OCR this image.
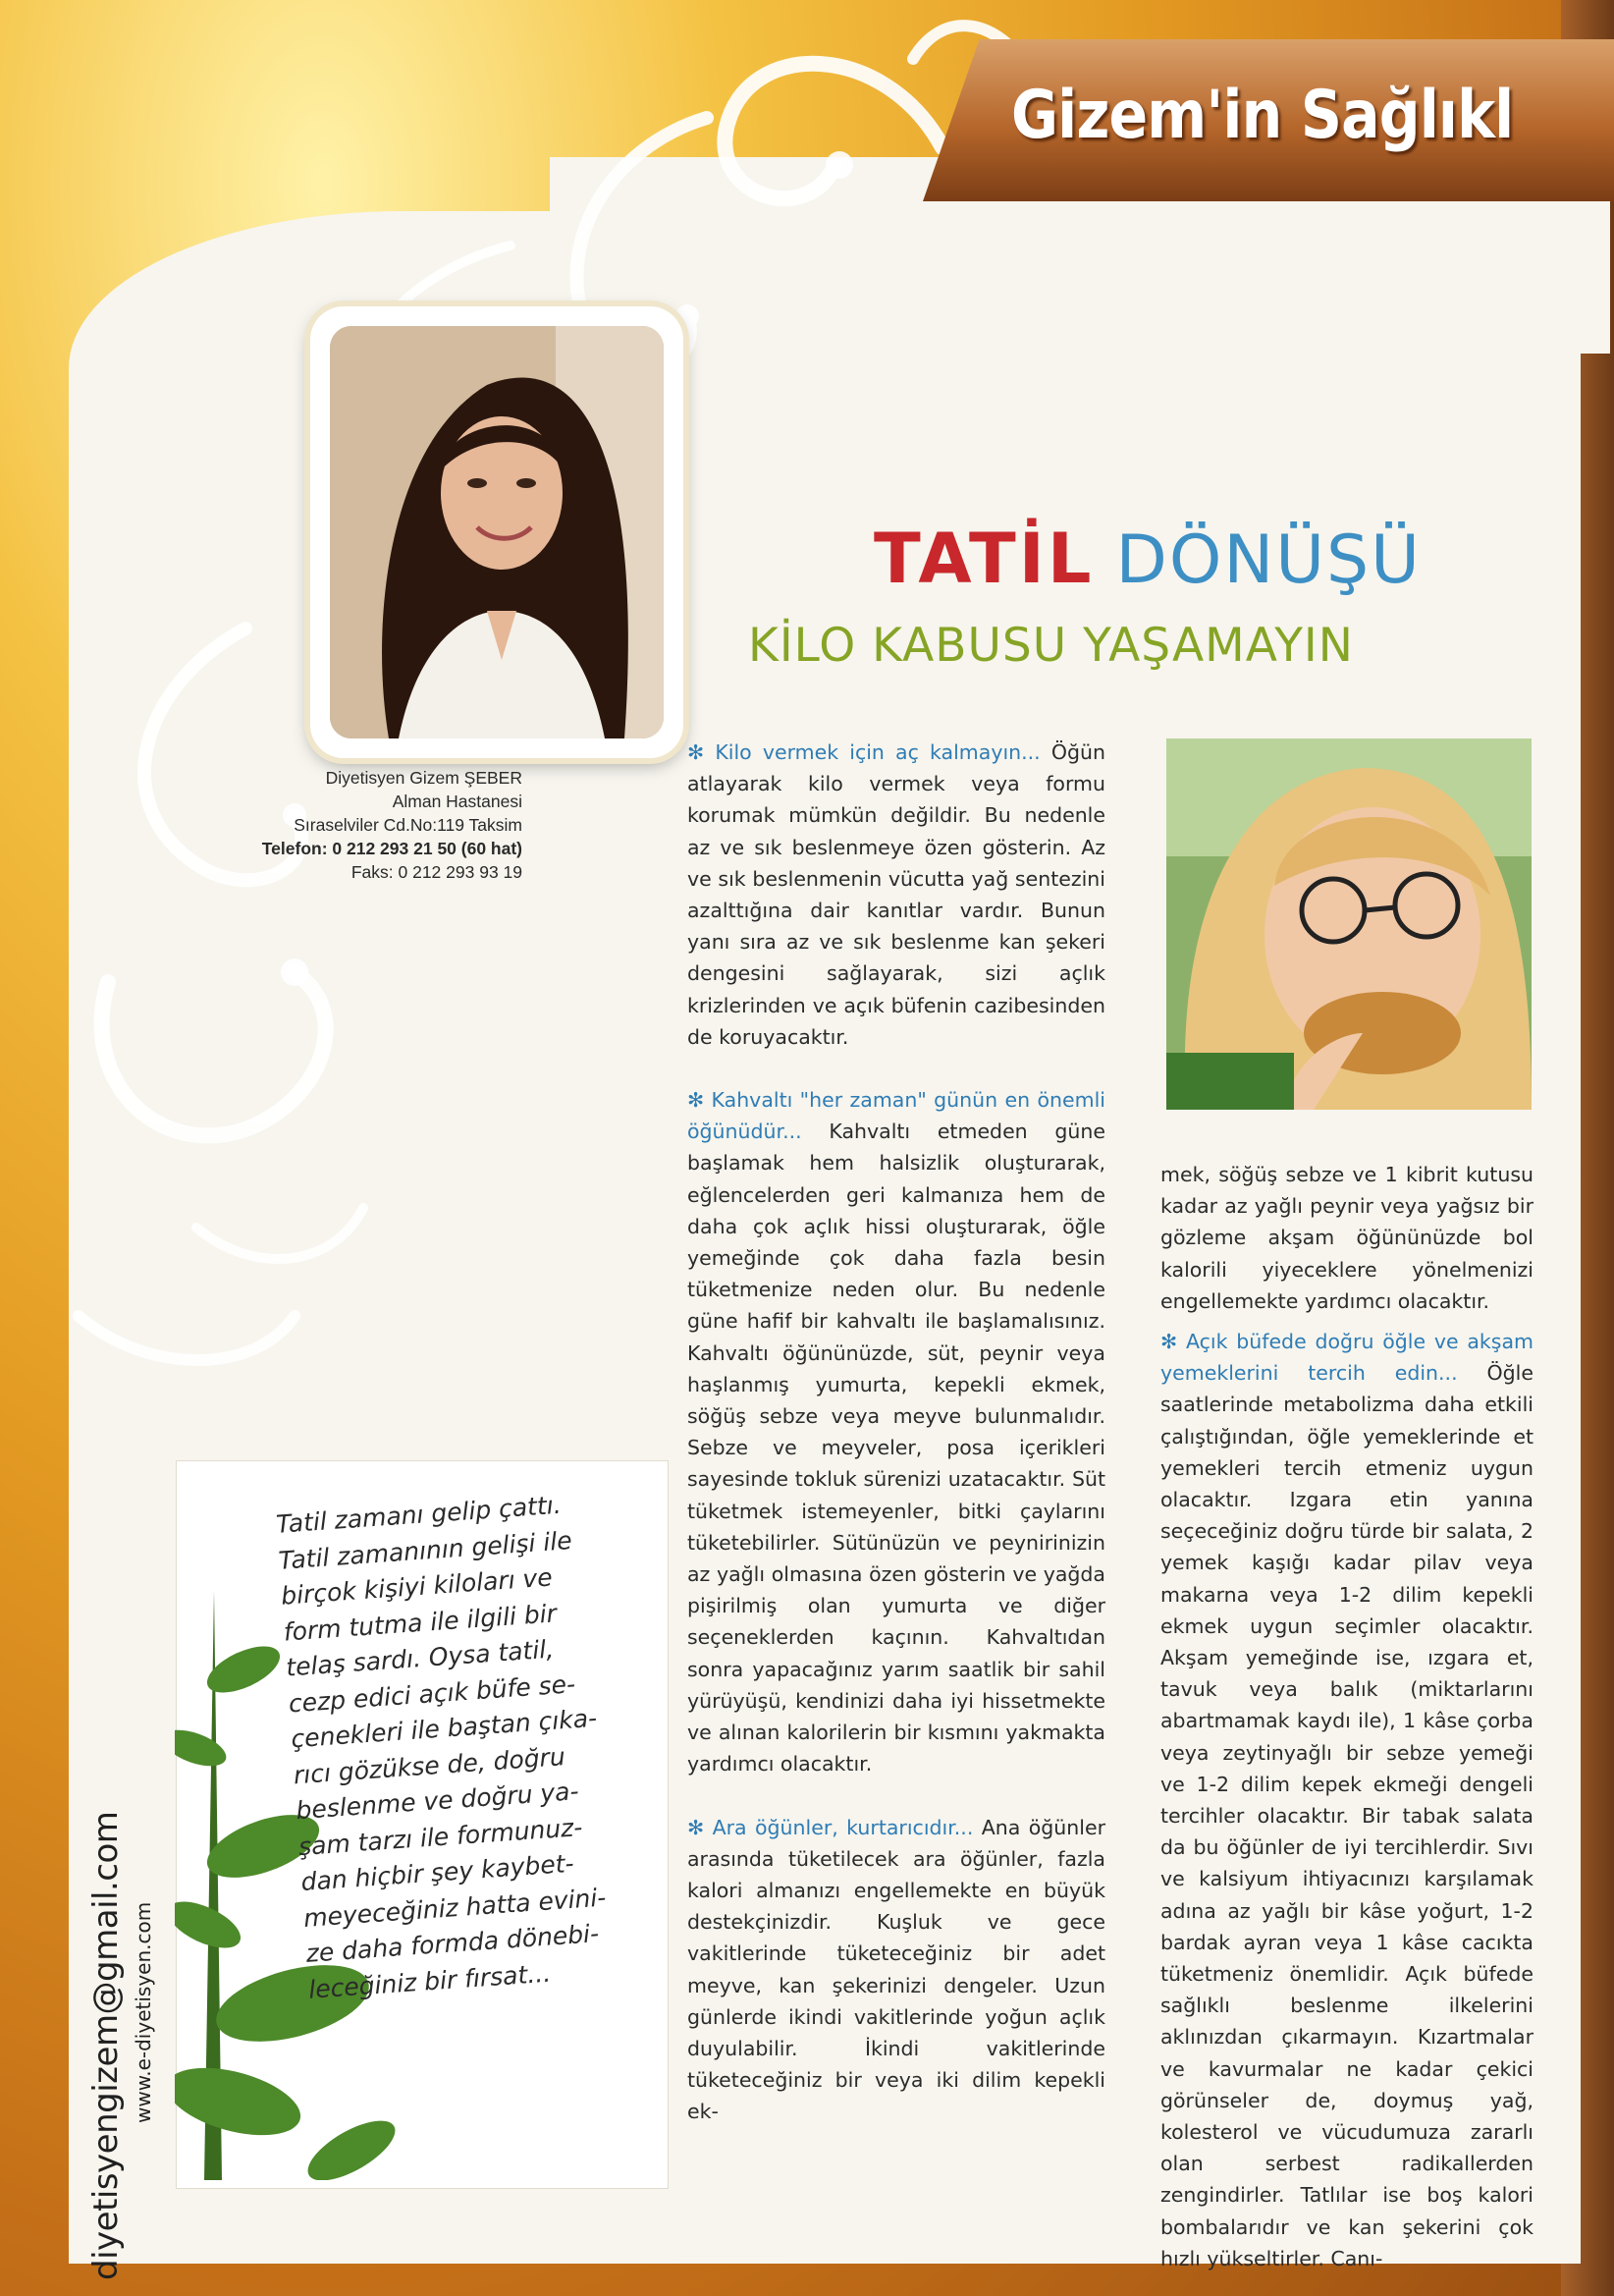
Gizem'in Sağlıkl
Diyetisyen Gizem ŞEBER
Alman Hastanesi
Sıraselviler Cd.No:119 Taksim
Telefon: 0 212 293 21 50 (60 hat)
Faks: 0 212 293 93 19
TATİL DÖNÜŞÜ
KİLO KABUSU YAŞAMAYIN

✻ Kilo vermek için aç kalmayın... Öğün atlayarak kilo vermek veya formu korumak mümkün değildir. Bu nedenle az ve sık beslenmeye özen gösterin. Az ve sık beslenmenin vücutta yağ sentezini azalttığına dair kanıtlar vardır. Bunun yanı sıra az ve sık beslenme kan şekeri dengesini sağlayarak, sizi açlık krizlerinden ve açık büfenin cazibesinden de koruyacaktır.

✻ Kahvaltı "her zaman" günün en önemli öğünüdür... Kahvaltı etmeden güne başlamak hem halsizlik oluşturarak, eğlencelerden geri kalmanıza hem de daha çok açlık hissi oluşturarak, öğle yemeğinde çok daha fazla besin tüketmenize neden olur. Bu nedenle güne hafif bir kahvaltı ile başlamalısınız. Kahvaltı öğününüzde, süt, peynir veya haşlanmış yumurta, kepekli ekmek, söğüş sebze veya meyve bulunmalıdır. Sebze ve meyveler, posa içerikleri sayesinde tokluk sürenizi uzatacaktır. Süt tüketmek istemeyenler, bitki çaylarını tüketebilirler. Sütünüzün ve peynirinizin az yağlı olmasına özen gösterin ve yağda pişirilmiş olan yumurta ve diğer seçeneklerden kaçının. Kahvaltıdan sonra yapacağınız yarım saatlik bir sahil yürüyüşü, kendinizi daha iyi hissetmekte ve alınan kalorilerin bir kısmını yakmakta yardımcı olacaktır.

✻ Ara öğünler, kurtarıcıdır... Ana öğünler arasında tüketilecek ara öğünler, fazla kalori almanızı engellemekte en büyük destekçinizdir. Kuşluk ve gece vakitlerinde tüketeceğiniz bir adet meyve, kan şekerinizi dengeler. Uzun günlerde ikindi vakitlerinde yoğun açlık duyulabilir. İkindi vakitlerinde tüketeceğiniz bir veya iki dilim kepekli ek-

mek, söğüş sebze ve 1 kibrit kutusu kadar az yağlı peynir veya yağsız bir gözleme akşam öğününüzde bol kalorili yiyeceklere yönelmenizi engellemekte yardımcı olacaktır.

✻ Açık büfede doğru öğle ve akşam yemeklerini tercih edin... Öğle saatlerinde metabolizma daha etkili çalıştığından, öğle yemeklerinde et yemekleri tercih etmeniz uygun olacaktır. Izgara etin yanına seçeceğiniz doğru türde bir salata, 2 yemek kaşığı kadar pilav veya makarna veya 1-2 dilim kepekli ekmek uygun seçimler olacaktır. Akşam yemeğinde ise, ızgara et, tavuk veya balık (miktarlarını abartmamak kaydı ile), 1 kâse çorba veya zeytinyağlı bir sebze yemeği ve 1-2 dilim kepek ekmeği dengeli tercihler olacaktır. Bir tabak salata da bu öğünler de iyi tercihlerdir. Sıvı ve kalsiyum ihtiyacınızı karşılamak adına az yağlı bir kâse yoğurt, 1-2 bardak ayran veya 1 kâse cacıkta tüketmeniz önemlidir. Açık büfede sağlıklı beslenme ilkelerini aklınızdan çıkarmayın. Kızartmalar ve kavurmalar ne kadar çekici görünseler de, doymuş yağ, kolesterol ve vücudumuza zararlı olan serbest radikallerden zengindirler. Tatlılar ise boş kalori bombalarıdır ve kan şekerini çok hızlı yükseltirler. Canı-

Tatil zamanı gelip çattı.
Tatil zamanının gelişi ile
birçok kişiyi kiloları ve
form tutma ile ilgili bir
telaş sardı. Oysa tatil,
cezp edici açık büfe se-
çenekleri ile baştan çıka-
rıcı gözükse de, doğru
beslenme ve doğru ya-
şam tarzı ile formunuz-
dan hiçbir şey kaybet-
meyeceğiniz hatta evini-
ze daha formda dönebi-
leceğiniz bir fırsat...
diyetisyengizem@gmail.com www.e-diyetisyen.com
